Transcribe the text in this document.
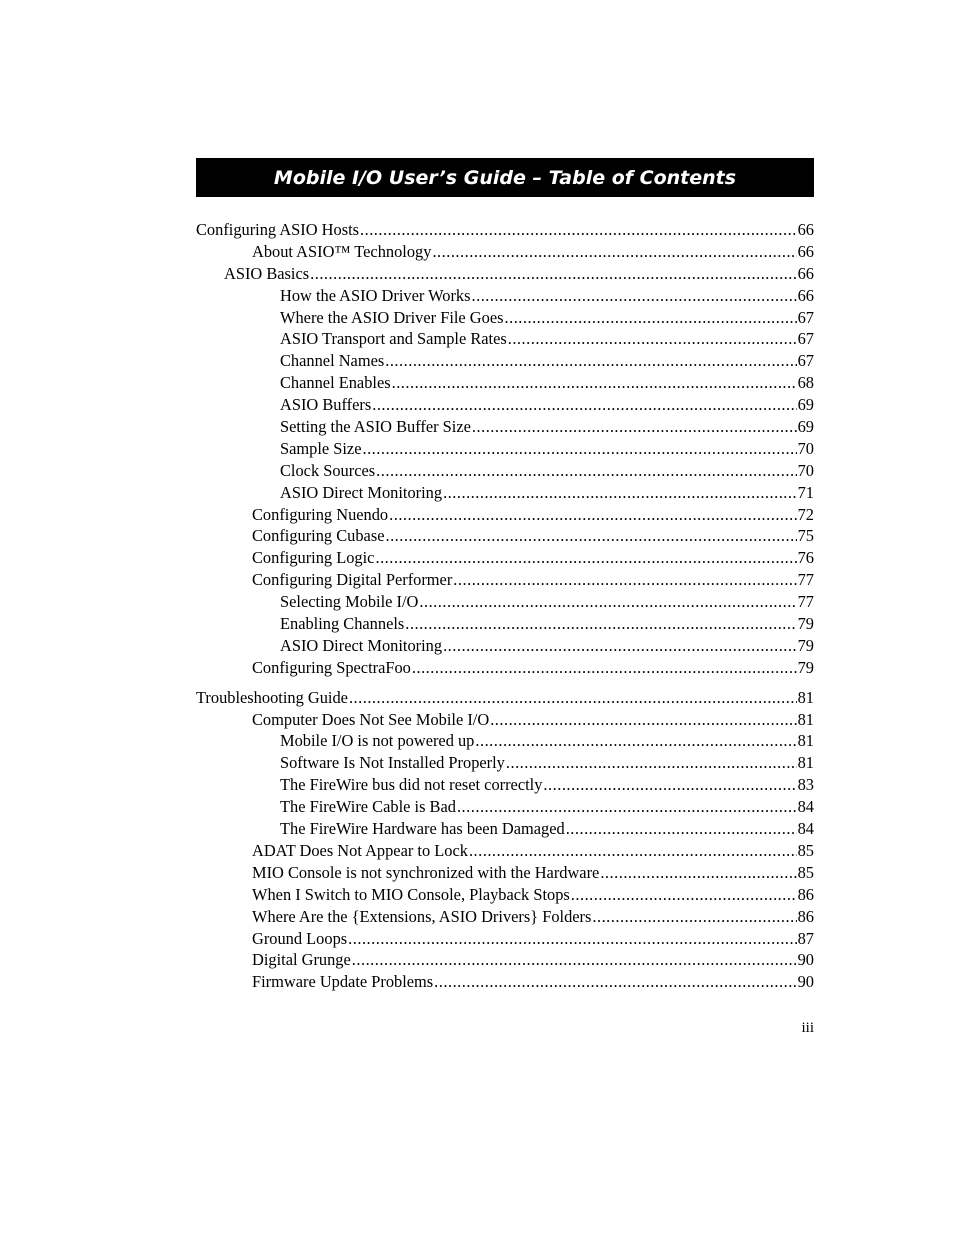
Mobile I/O User’s Guide – Table of Contents
Configuring ASIO Hosts .....	66
About ASIO™ Technology .....	66
ASIO Basics .....	66
How the ASIO Driver Works .....	66
Where the ASIO Driver File Goes .....	67
ASIO Transport and Sample Rates .....	67
Channel Names .....	67
Channel Enables .....	68
ASIO Buffers .....	69
Setting the ASIO Buffer Size .....	69
Sample Size .....	70
Clock Sources .....	70
ASIO Direct Monitoring .....	71
Configuring Nuendo .....	72
Configuring Cubase .....	75
Configuring Logic .....	76
Configuring Digital Performer .....	77
Selecting Mobile I/O .....	77
Enabling Channels .....	79
ASIO Direct Monitoring .....	79
Configuring SpectraFoo .....	79
Troubleshooting Guide .....	81
Computer Does Not See Mobile I/O .....	81
Mobile I/O is not powered up .....	81
Software Is Not Installed Properly .....	81
The FireWire bus did not reset correctly .....	83
The FireWire Cable is Bad .....	84
The FireWire Hardware has been Damaged .....	84
ADAT Does Not Appear to Lock .....	85
MIO Console is not synchronized with the Hardware .....	85
When I Switch to MIO Console, Playback Stops .....	86
Where Are the {Extensions, ASIO Drivers} Folders .....	86
Ground Loops .....	87
Digital Grunge .....	90
Firmware Update Problems .....	90
iii
